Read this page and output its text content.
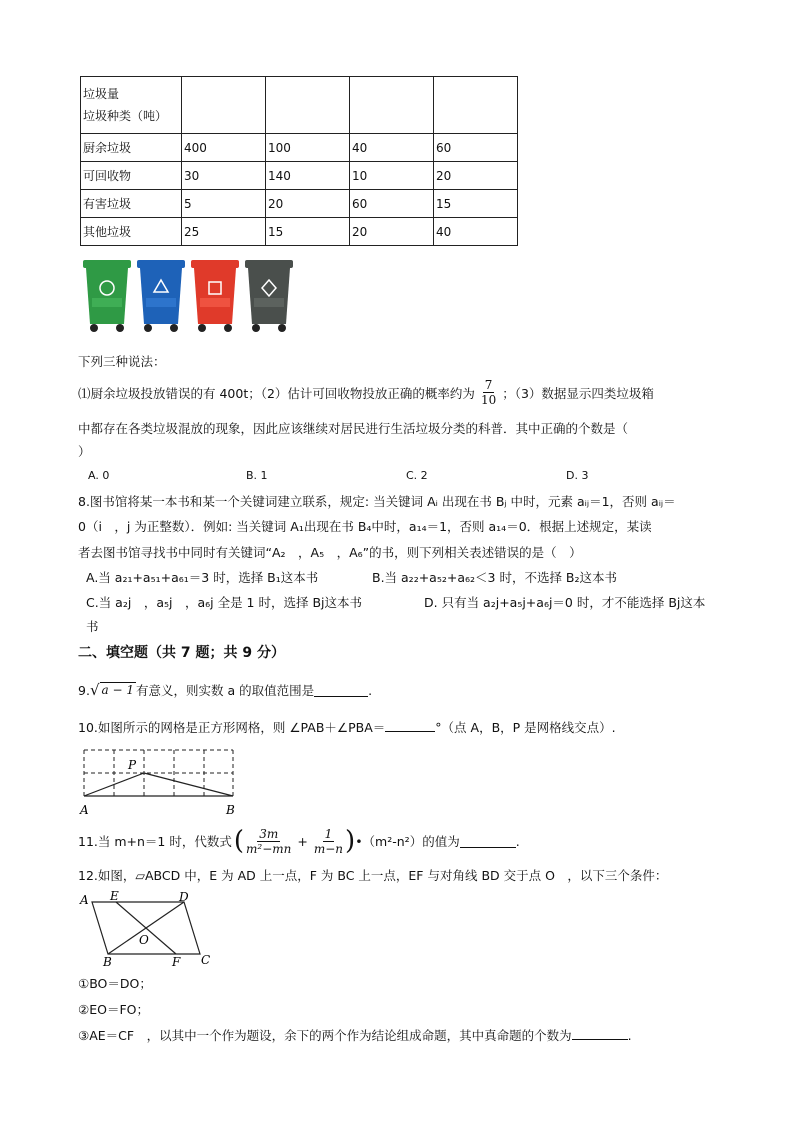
垃圾量
垃圾种类（吨）				

厨余垃圾	400	100	40	60
可回收物	30	140	10	20
有害垃圾	5	20	60	15
其他垃圾	25	15	20	40
下列三种说法：
⑴厨余垃圾投放错误的有 400t；（2）估计可回收物投放正确的概率约为 $\frac{7}{10}$ ；（3）数据显示四类垃圾箱
中都存在各类垃圾混放的现象，因此应该继续对居民进行生活垃圾分类的科普．其中正确的个数是（
）
A. 0	B. 1	C. 2	D. 3
8.图书馆将某一本书和某一个关键词建立联系，规定: 当关键词 Aᵢ 出现在书 Bⱼ 中时，元素 aᵢⱼ＝1，否则 aᵢⱼ＝
0（i　，j 为正整数）．例如: 当关键词 A₁出现在书 B₄中时，a₁₄＝1，否则 a₁₄＝0．根据上述规定，某读
者去图书馆寻找书中同时有关键词“A₂　，A₅　，A₆”的书，则下列相关表述错误的是（　）
A.当 a₂₁+a₅₁+a₆₁＝3 时，选择 B₁这本书	B.当 a₂₂+a₅₂+a₆₂＜3 时，不选择 B₂这本书
C.当 a₂j　，a₅j　，a₆j 全是 1 时，选择 Bj这本书	D. 只有当 a₂j+a₅j+a₆j＝0 时，才不能选择 Bj这本
书
二、填空题（共 7 题；共 9 分）
9. √ a − 1 有意义，则实数 a 的取值范围是	.
10.如图所示的网格是正方形网格，则 ∠PAB＋∠PBA＝	°（点 A，B，P 是网格线交点）.
P
A	B
11.当 m+n＝1 时，代数式 ( $\frac{3m}{\text{m²−mn}} + \frac{1}{m-n}$ ) •（m²-n²）的值为	.
12.如图，▱ABCD 中，E 为 AD 上一点，F 为 BC 上一点，EF 与对角线 BD 交于点 O　，以下三个条件：
A E	D
O
B	F C
①BO＝DO；
②EO＝FO；
③AE＝CF　，以其中一个作为题设，余下的两个作为结论组成命题，其中真命题的个数为	.
